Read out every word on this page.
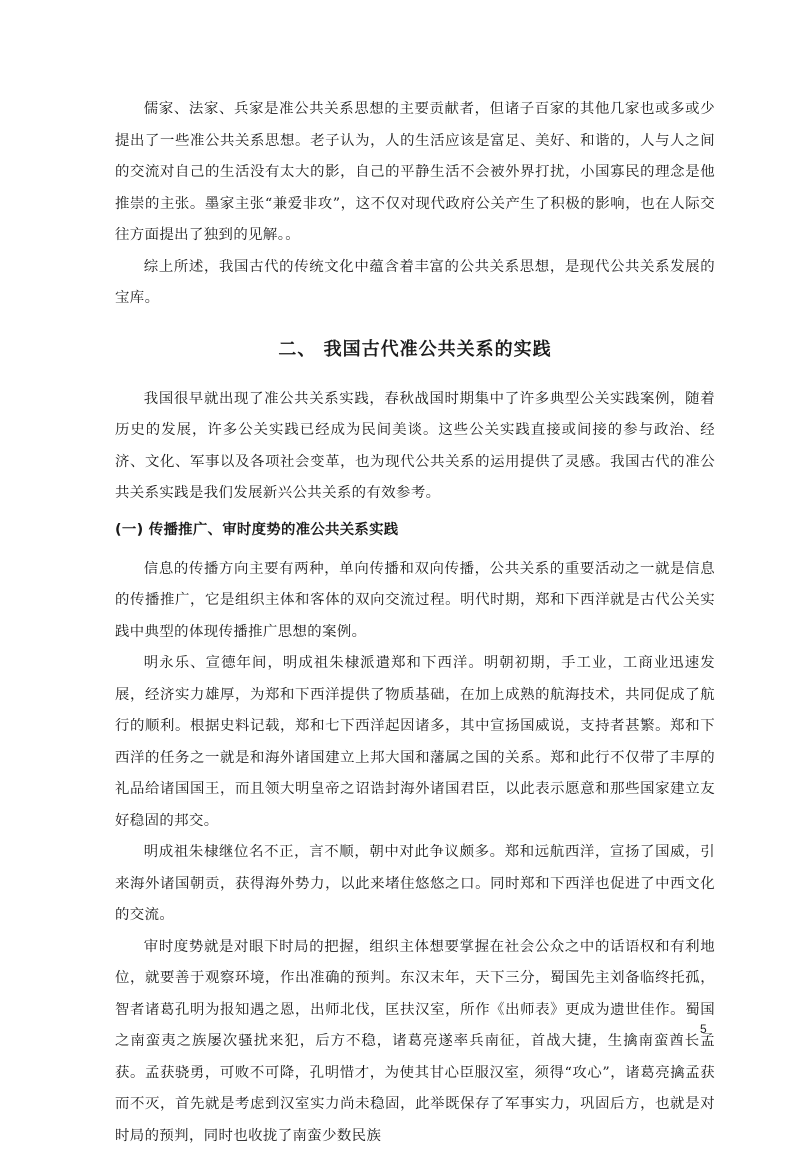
儒家、法家、兵家是准公共关系思想的主要贡献者，但诸子百家的其他几家也或多或少提出了一些准公共关系思想。老子认为，人的生活应该是富足、美好、和谐的，人与人之间的交流对自己的生活没有太大的影，自己的平静生活不会被外界打扰，小国寡民的理念是他推崇的主张。墨家主张“兼爱非攻”，这不仅对现代政府公关产生了积极的影响，也在人际交往方面提出了独到的见解。。

综上所述，我国古代的传统文化中蕴含着丰富的公共关系思想，是现代公共关系发展的宝库。

二、 我国古代准公共关系的实践

我国很早就出现了准公共关系实践，春秋战国时期集中了许多典型公关实践案例，随着历史的发展，许多公关实践已经成为民间美谈。这些公关实践直接或间接的参与政治、经济、文化、军事以及各项社会变革，也为现代公共关系的运用提供了灵感。我国古代的准公共关系实践是我们发展新兴公共关系的有效参考。

(一) 传播推广、审时度势的准公共关系实践

信息的传播方向主要有两种，单向传播和双向传播，公共关系的重要活动之一就是信息的传播推广，它是组织主体和客体的双向交流过程。明代时期，郑和下西洋就是古代公关实践中典型的体现传播推广思想的案例。

明永乐、宣德年间，明成祖朱棣派遣郑和下西洋。明朝初期，手工业，工商业迅速发展，经济实力雄厚，为郑和下西洋提供了物质基础，在加上成熟的航海技术，共同促成了航行的顺利。根据史料记载，郑和七下西洋起因诸多，其中宣扬国威说，支持者甚繁。郑和下西洋的任务之一就是和海外诸国建立上邦大国和藩属之国的关系。郑和此行不仅带了丰厚的礼品给诸国国王，而且领大明皇帝之诏诰封海外诸国君臣，以此表示愿意和那些国家建立友好稳固的邦交。

明成祖朱棣继位名不正，言不顺，朝中对此争议颇多。郑和远航西洋，宣扬了国威，引来海外诸国朝贡，获得海外势力，以此来堵住悠悠之口。同时郑和下西洋也促进了中西文化的交流。

审时度势就是对眼下时局的把握，组织主体想要掌握在社会公众之中的话语权和有利地位，就要善于观察环境，作出准确的预判。东汉末年，天下三分，蜀国先主刘备临终托孤，智者诸葛孔明为报知遇之恩，出师北伐，匡扶汉室，所作《出师表》更成为遗世佳作。蜀国之南蛮夷之族屡次骚扰来犯，后方不稳，诸葛亮遂率兵南征，首战大捷，生擒南蛮酋长孟获。孟获骁勇，可败不可降，孔明惜才，为使其甘心臣服汉室，须得“攻心”，诸葛亮擒孟获而不灭，首先就是考虑到汉室实力尚未稳固，此举既保存了军事实力，巩固后方，也就是对时局的预判，同时也收拢了南蛮少数民族

5
